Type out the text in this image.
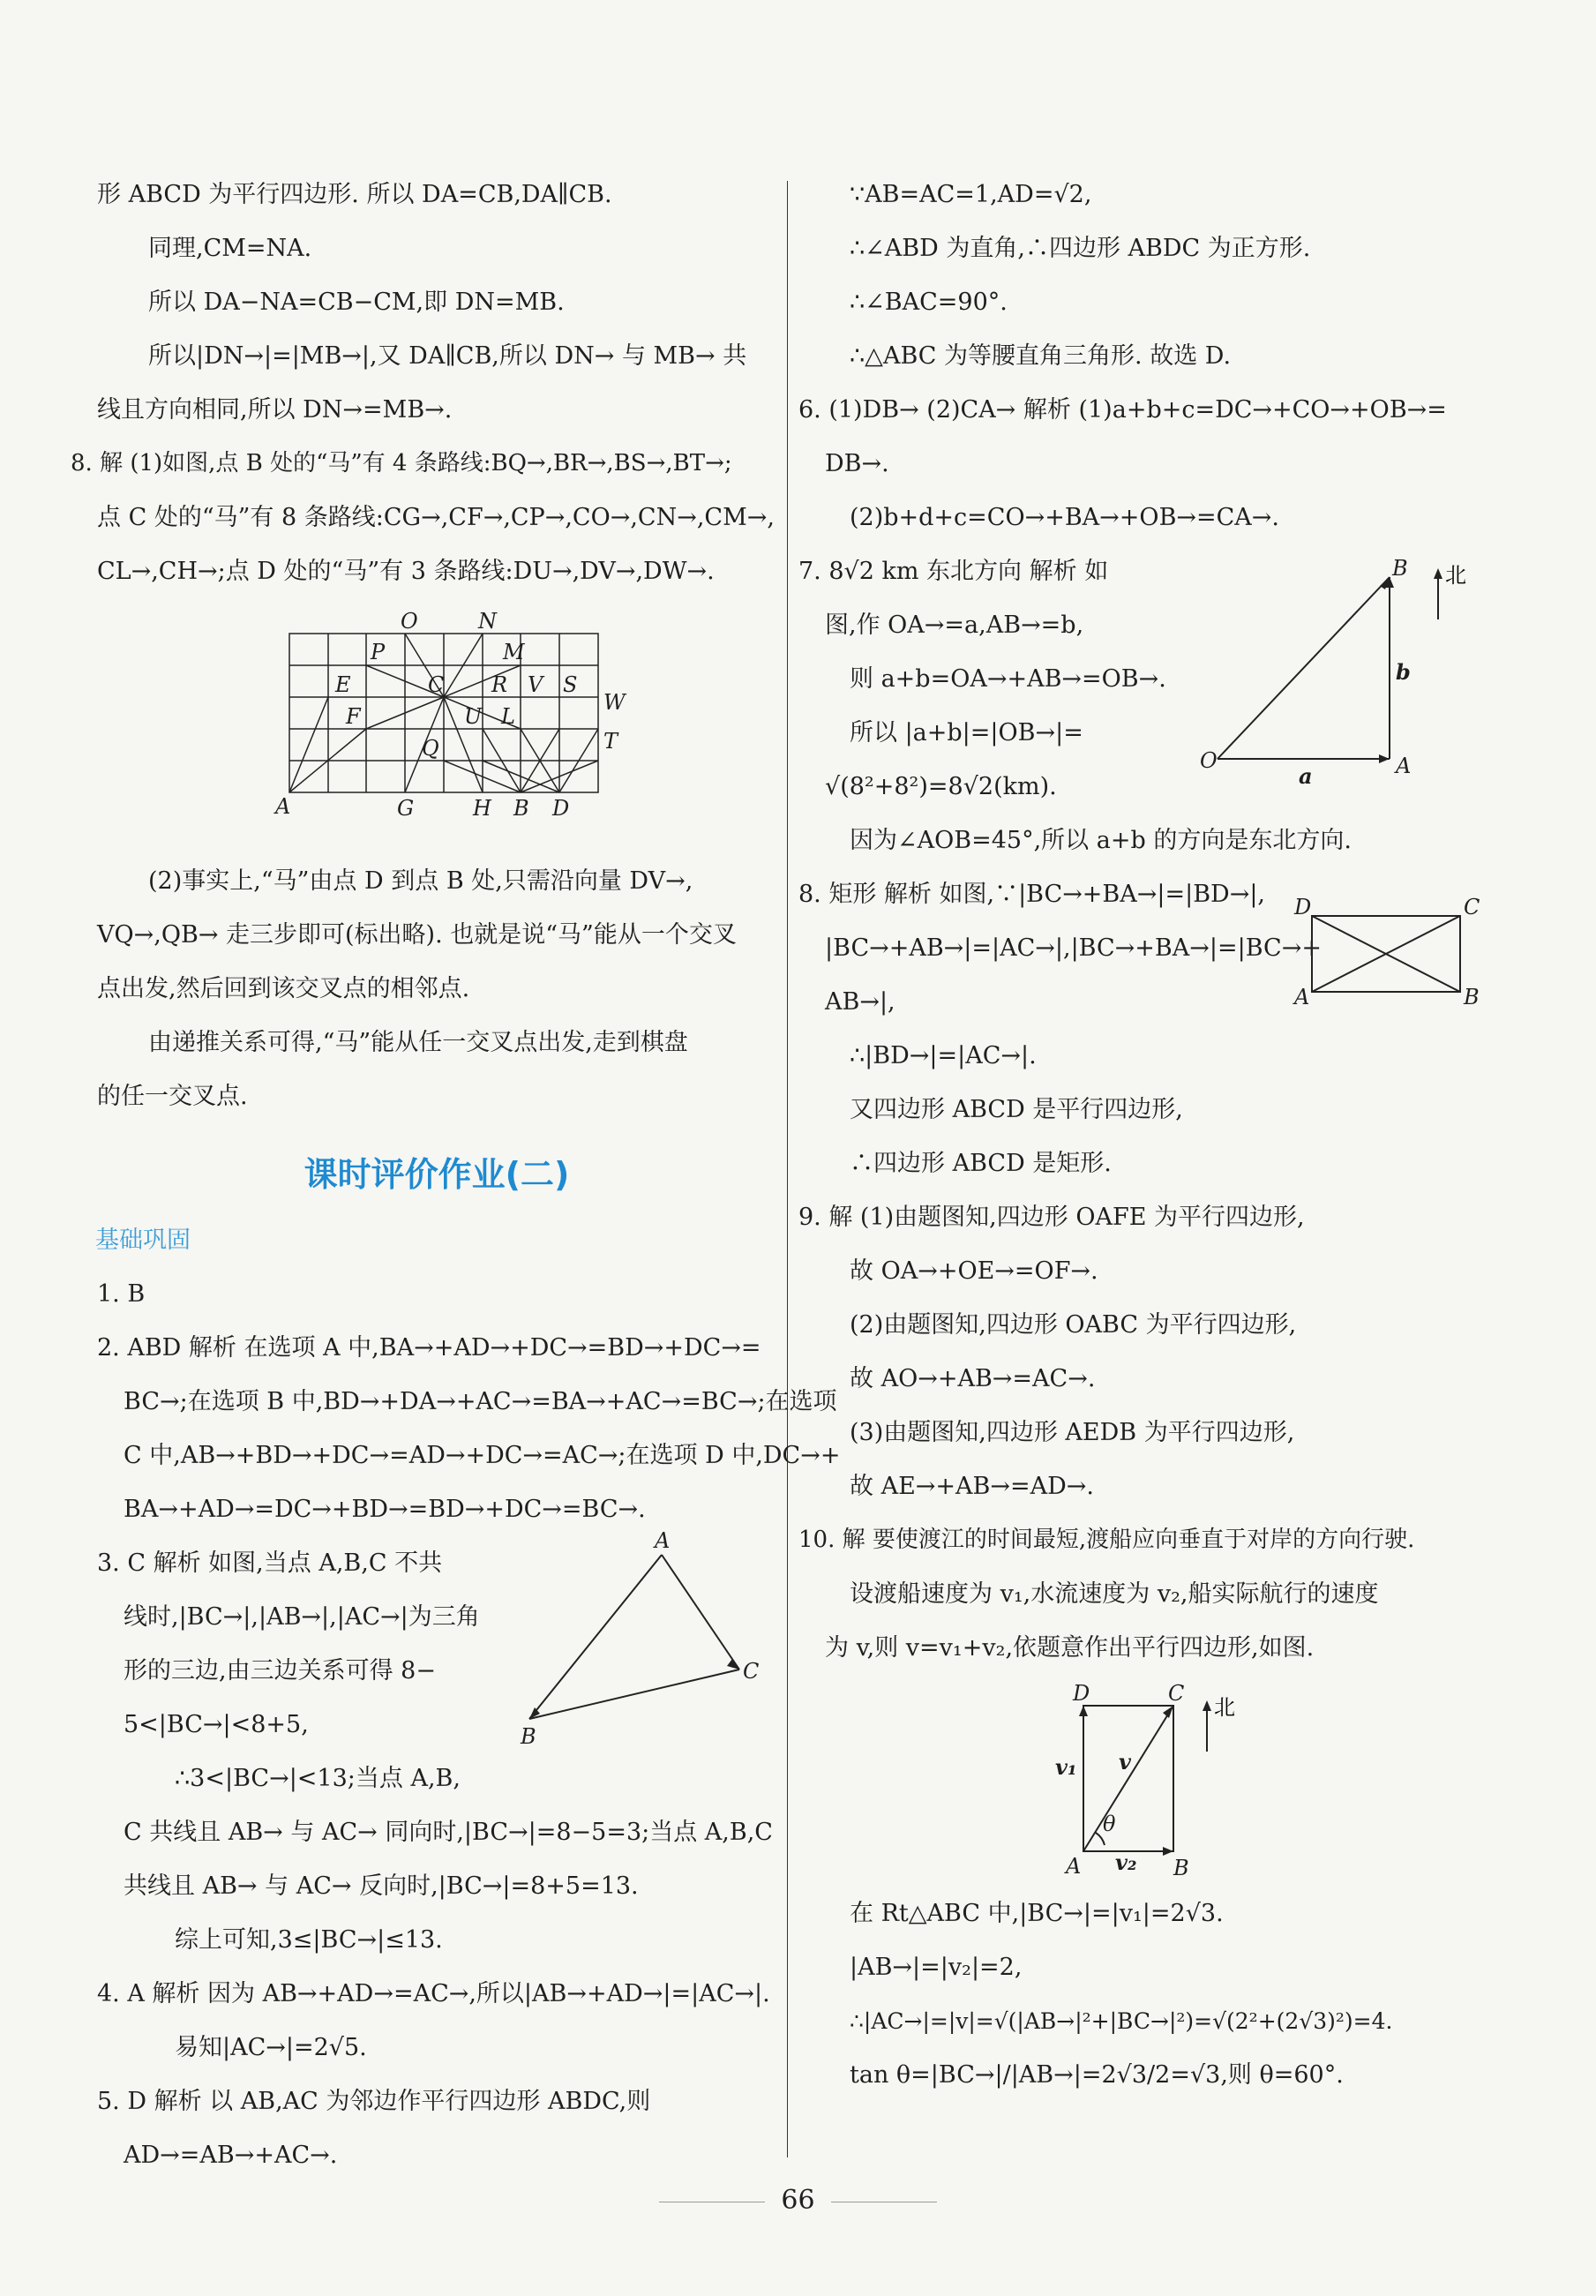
形 ABCD 为平行四边形. 所以 DA=CB,DA∥CB.

同理,CM=NA.

所以 DA−NA=CB−CM,即 DN=MB.

所以|DN→|=|MB→|,又 DA∥CB,所以 DN→ 与 MB→ 共

线且方向相同,所以 DN→=MB→.

8. 解 (1)如图,点 B 处的“马”有 4 条路线:BQ→,BR→,BS→,BT→;

点 C 处的“马”有 8 条路线:CG→,CF→,CP→,CO→,CN→,CM→,

CL→,CH→;点 D 处的“马”有 3 条路线:DU→,DV→,DW→.

(2)事实上,“马”由点 D 到点 B 处,只需沿向量 DV→,

VQ→,QB→ 走三步即可(标出略). 也就是说“马”能从一个交叉

点出发,然后回到该交叉点的相邻点.

由递推关系可得,“马”能从任一交叉点出发,走到棋盘

的任一交叉点.

课时评价作业(二)

基础巩固

1. B

2. ABD 解析 在选项 A 中,BA→+AD→+DC→=BD→+DC→=

BC→;在选项 B 中,BD→+DA→+AC→=BA→+AC→=BC→;在选项

C 中,AB→+BD→+DC→=AD→+DC→=AC→;在选项 D 中,DC→+

BA→+AD→=DC→+BD→=BD→+DC→=BC→.

3. C 解析 如图,当点 A,B,C 不共

线时,|BC→|,|AB→|,|AC→|为三角

形的三边,由三边关系可得 8−

5<|BC→|<8+5,

∴3<|BC→|<13;当点 A,B,

C 共线且 AB→ 与 AC→ 同向时,|BC→|=8−5=3;当点 A,B,C

共线且 AB→ 与 AC→ 反向时,|BC→|=8+5=13.

综上可知,3≤|BC→|≤13.

4. A 解析 因为 AB→+AD→=AC→,所以|AB→+AD→|=|AC→|.

易知|AC→|=2√5.

5. D 解析 以 AB,AC 为邻边作平行四边形 ABDC,则

AD→=AB→+AC→.

∵AB=AC=1,AD=√2,

∴∠ABD 为直角,∴四边形 ABDC 为正方形.

∴∠BAC=90°.

∴△ABC 为等腰直角三角形. 故选 D.

6. (1)DB→ (2)CA→ 解析 (1)a+b+c=DC→+CO→+OB→=

DB→.

(2)b+d+c=CO→+BA→+OB→=CA→.

7. 8√2 km 东北方向 解析 如

图,作 OA→=a,AB→=b,

则 a+b=OA→+AB→=OB→.

所以 |a+b|=|OB→|=

√(8²+8²)=8√2(km).

因为∠AOB=45°,所以 a+b 的方向是东北方向.

8. 矩形 解析 如图,∵|BC→+BA→|=|BD→|,

|BC→+AB→|=|AC→|,|BC→+BA→|=|BC→+

AB→|,

∴|BD→|=|AC→|.

又四边形 ABCD 是平行四边形,

∴四边形 ABCD 是矩形.

9. 解 (1)由题图知,四边形 OAFE 为平行四边形,

故 OA→+OE→=OF→.

(2)由题图知,四边形 OABC 为平行四边形,

故 AO→+AB→=AC→.

(3)由题图知,四边形 AEDB 为平行四边形,

故 AE→+AB→=AD→.

10. 解 要使渡江的时间最短,渡船应向垂直于对岸的方向行驶.

设渡船速度为 v₁,水流速度为 v₂,船实际航行的速度

为 v,则 v=v₁+v₂,依题意作出平行四边形,如图.

在 Rt△ABC 中,|BC→|=|v₁|=2√3.

|AB→|=|v₂|=2,

∴|AC→|=|v|=√(|AB→|²+|BC→|²)=√(2²+(2√3)²)=4.

tan θ=|BC→|/|AB→|=2√3/2=√3,则 θ=60°.

O	N
P	M
C
E	R V S
W
F	L
U
T
Q
A	G	H B D
A
B
C
B 北
b
O
a	A
D	C
A	B
D	C
北
v
v₁
θ
A v₂ B
66
